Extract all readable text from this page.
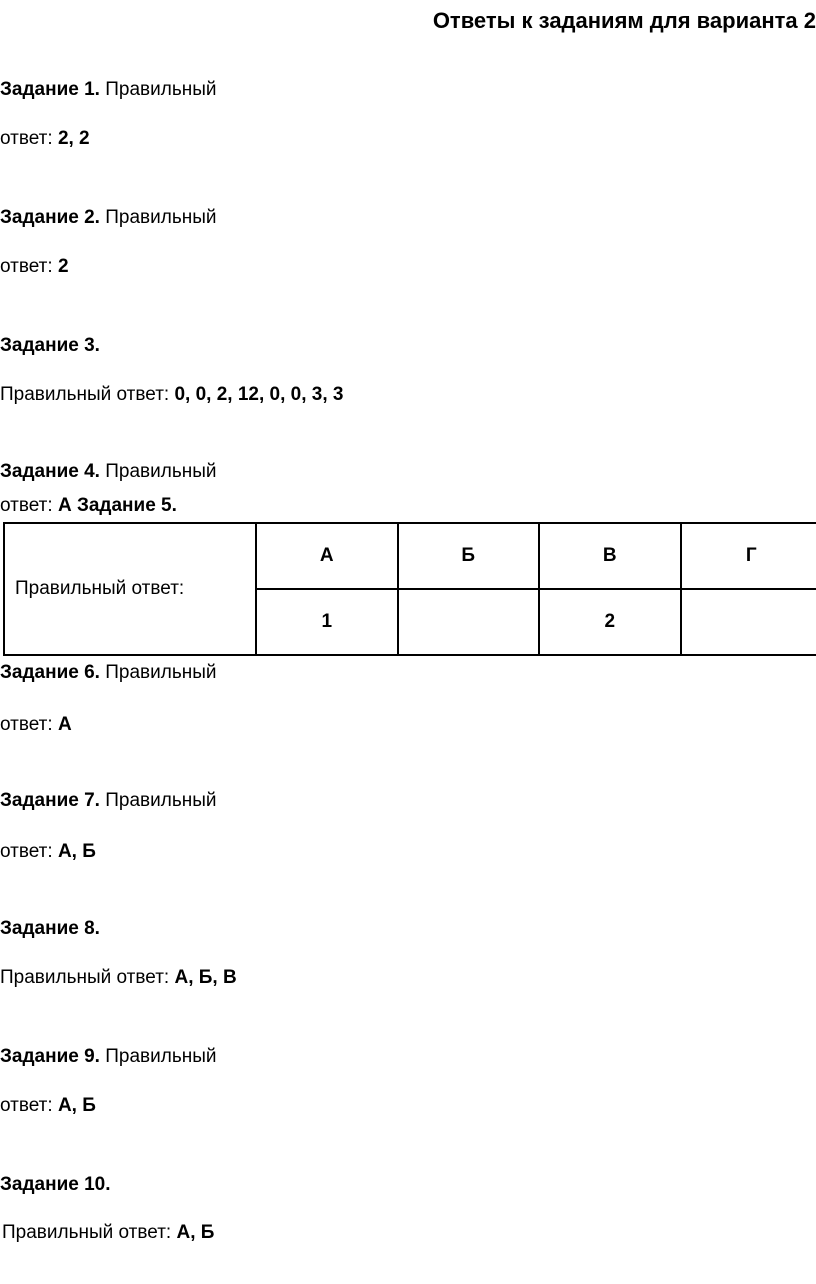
Ответы к заданиям для варианта 2
Задание 1. Правильный
ответ: 2, 2
Задание 2. Правильный
ответ: 2
Задание 3.
Правильный ответ: 0, 0, 2, 12, 0, 0, 3, 3
Задание 4. Правильный
ответ: А Задание 5.
Правильный ответ:	А	Б	В	Г
	1		2	
Задание 6. Правильный
ответ: А
Задание 7. Правильный
ответ: А, Б
Задание 8.
Правильный ответ: А, Б, В
Задание 9. Правильный
ответ: А, Б
Задание 10.
Правильный ответ: А, Б
